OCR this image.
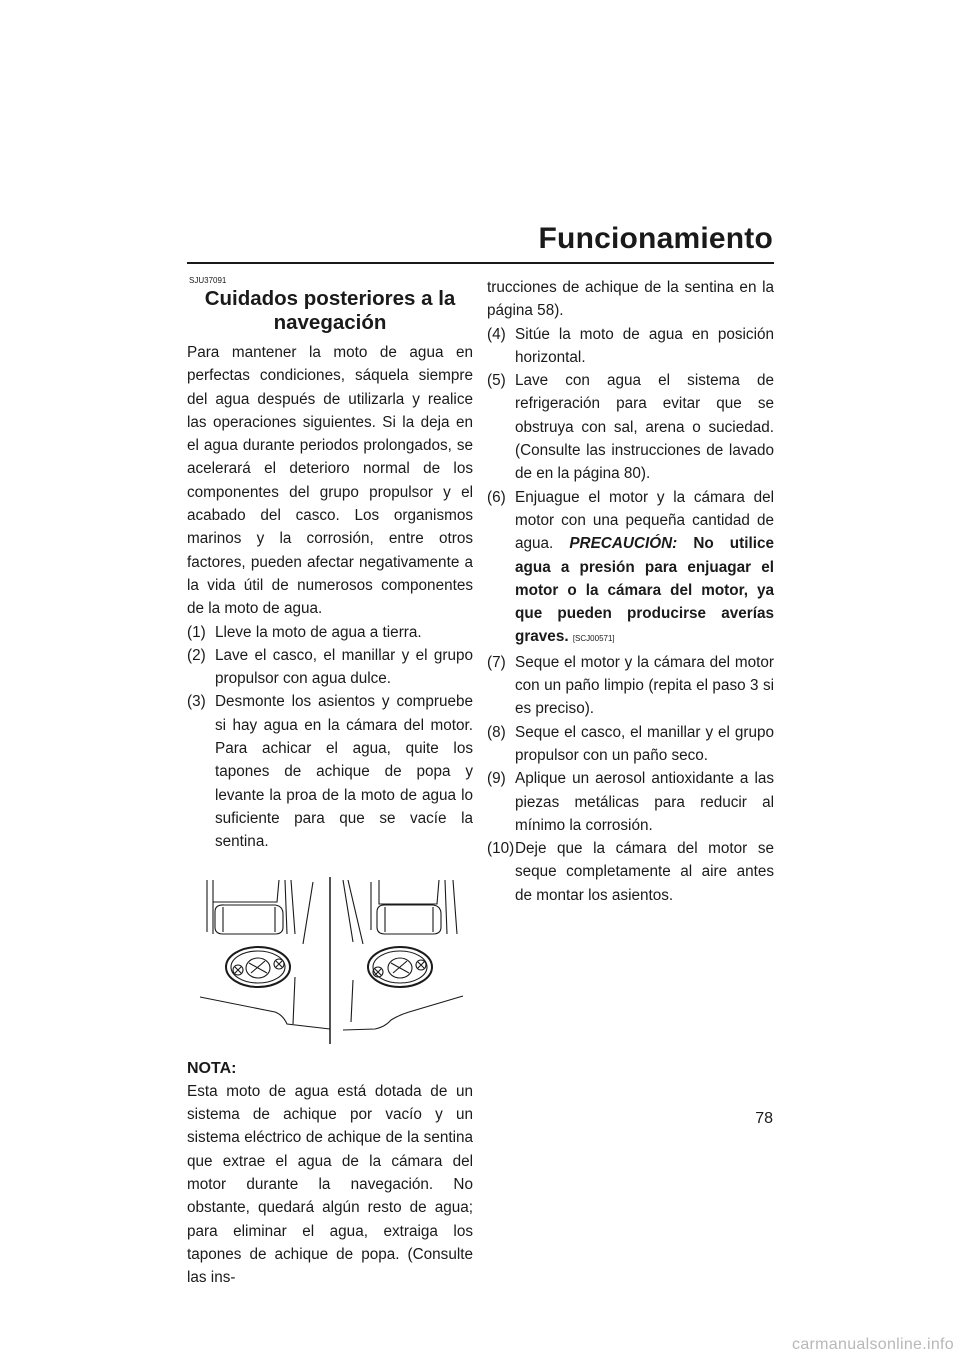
Funcionamiento
SJU37091
Cuidados posteriores a la
navegación

Para mantener la moto de agua en perfectas condiciones, sáquela siempre del agua después de utilizarla y realice las operaciones siguientes. Si la deja en el agua durante periodos prolongados, se acelerará el deterioro normal de los componentes del grupo propulsor y el acabado del casco. Los organismos marinos y la corrosión, entre otros factores, pueden afectar negativamente a la vida útil de numerosos componentes de la moto de agua.

(1) Lleve la moto de agua a tierra.
(2) Lave el casco, el manillar y el grupo propulsor con agua dulce.
(3) Desmonte los asientos y compruebe si hay agua en la cámara del motor. Para achicar el agua, quite los tapones de achique de popa y levante la proa de la moto de agua lo suficiente para que se vacíe la sentina.
NOTA:

Esta moto de agua está dotada de un sistema de achique por vacío y un sistema eléctrico de achique de la sentina que extrae el agua de la cámara del motor durante la navegación. No obstante, quedará algún resto de agua; para eliminar el agua, extraiga los tapones de achique de popa. (Consulte las ins-

trucciones de achique de la sentina en la página 58).

(4) Sitúe la moto de agua en posición horizontal.
(5) Lave con agua el sistema de refrigeración para evitar que se obstruya con sal, arena o suciedad. (Consulte las instrucciones de lavado de en la página 80).
(6) Enjuague el motor y la cámara del motor con una pequeña cantidad de agua. PRECAUCIÓN: No utilice agua a presión para enjuagar el motor o la cámara del motor, ya que pueden producirse averías graves. [SCJ00571]
(7) Seque el motor y la cámara del motor con un paño limpio (repita el paso 3 si es preciso).
(8) Seque el casco, el manillar y el grupo propulsor con un paño seco.
(9) Aplique un aerosol antioxidante a las piezas metálicas para reducir al mínimo la corrosión.
(10) Deje que la cámara del motor se seque completamente al aire antes de montar los asientos.
78
carmanualsonline.info
